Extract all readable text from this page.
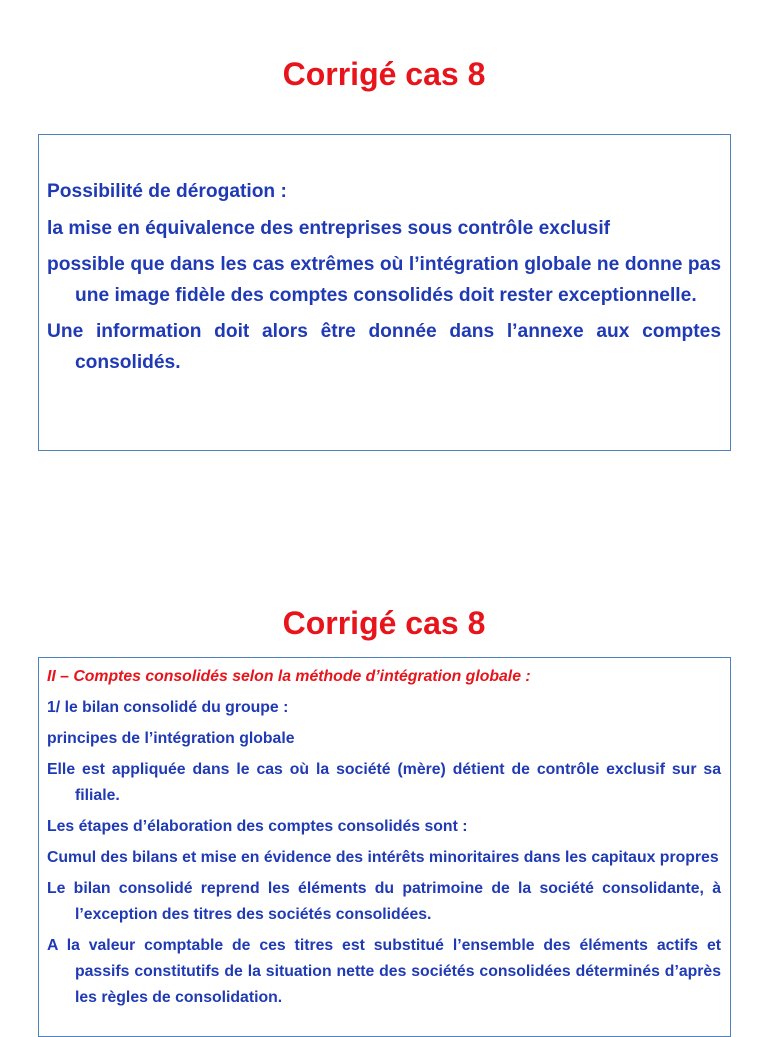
Corrigé cas 8

Possibilité de dérogation :

la mise en équivalence des entreprises sous contrôle exclusif

possible que dans les cas extrêmes où l’intégration globale ne donne pas une image fidèle des comptes consolidés doit rester exceptionnelle.

Une information doit alors être donnée dans l’annexe aux comptes consolidés.

Corrigé cas 8

II – Comptes consolidés selon la méthode d’intégration globale :

1/ le bilan consolidé du groupe :

principes de l’intégration globale

Elle est appliquée dans le cas où la société (mère) détient de contrôle exclusif sur sa filiale.

Les étapes d’élaboration des comptes consolidés sont :

Cumul des bilans et mise en évidence des intérêts minoritaires dans les capitaux propres

Le bilan consolidé reprend les éléments du patrimoine de la société consolidante, à l’exception des titres des sociétés consolidées.

A la valeur comptable de ces titres est substitué l’ensemble des éléments actifs et passifs constitutifs de la situation nette des sociétés consolidées déterminés d’après les règles de consolidation.
